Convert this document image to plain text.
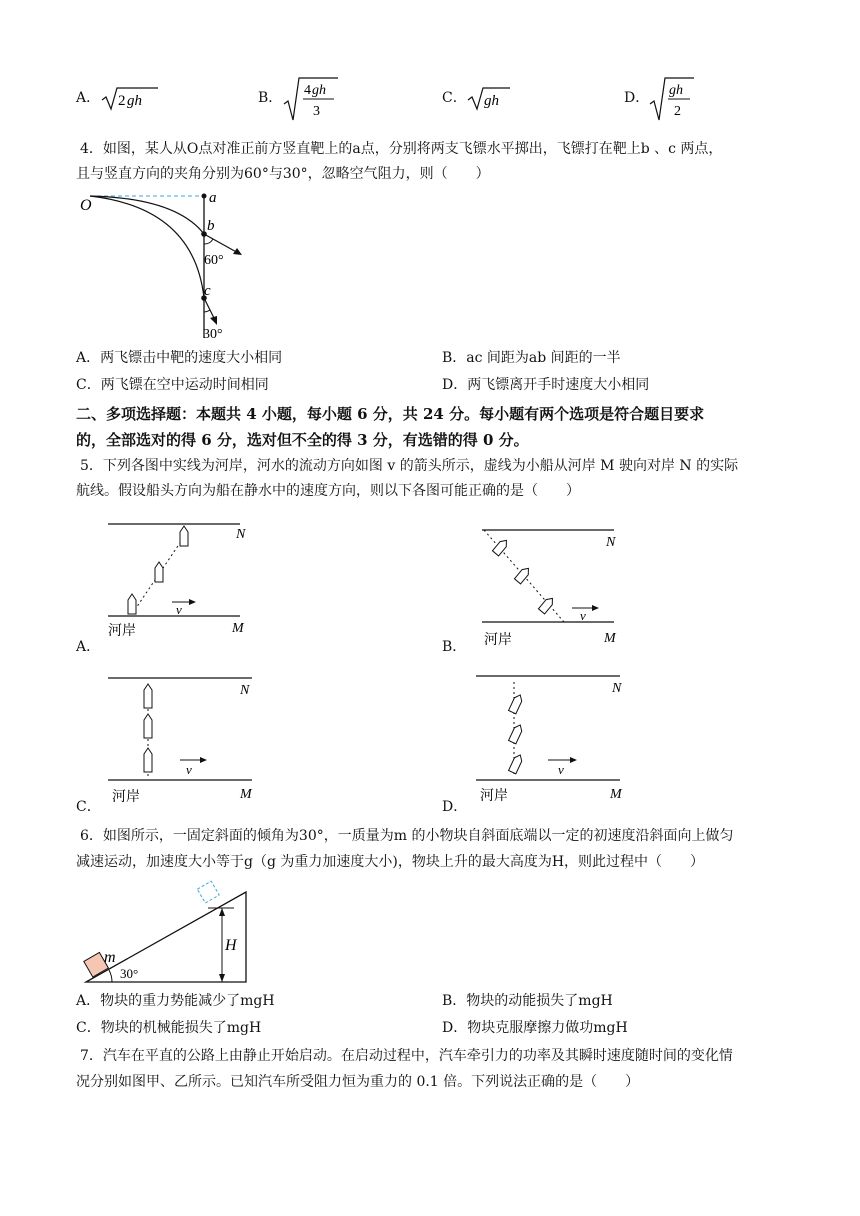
A． 2 gh	B． 4 gh
3
C． gh	D． gh
2
4．如图，某人从O点对准正前方竖直靶上的a点，分别将两支飞镖水平掷出，飞镖打在靶上b 、c 两点，
且与竖直方向的夹角分别为60°与30°，忽略空气阻力，则（　　）
O	a
b
c
60°
30°
A．两飞镖击中靶的速度大小相同	B．ac 间距为ab 间距的一半
C．两飞镖在空中运动时间相同	D．两飞镖离开手时速度大小相同
二、多项选择题：本题共 4 小题，每小题 6 分，共 24 分。每小题有两个选项是符合题目要求
的，全部选对的得 6 分，选对但不全的得 3 分，有选错的得 0 分。
5．下列各图中实线为河岸，河水的流动方向如图 v 的箭头所示，虚线为小船从河岸 M 驶向对岸 N 的实际
航线。假设船头方向为船在静水中的速度方向，则以下各图可能正确的是（　　）
v
N
M
河岸
A．
v
N
M
河岸
B．
v
N
M
河岸
C．
v
N
M
河岸
D．
6．如图所示，一固定斜面的倾角为30°，一质量为m 的小物块自斜面底端以一定的初速度沿斜面向上做匀
减速运动，加速度大小等于g（g 为重力加速度大小)，物块上升的最大高度为H，则此过程中（　　）
m
30°
H
A．物块的重力势能减少了mgH	B．物块的动能损失了mgH
C．物块的机械能损失了mgH	D．物块克服摩擦力做功mgH
7．汽车在平直的公路上由静止开始启动。在启动过程中，汽车牵引力的功率及其瞬时速度随时间的变化情
况分别如图甲、乙所示。已知汽车所受阻力恒为重力的 0.1 倍。下列说法正确的是（　　）
